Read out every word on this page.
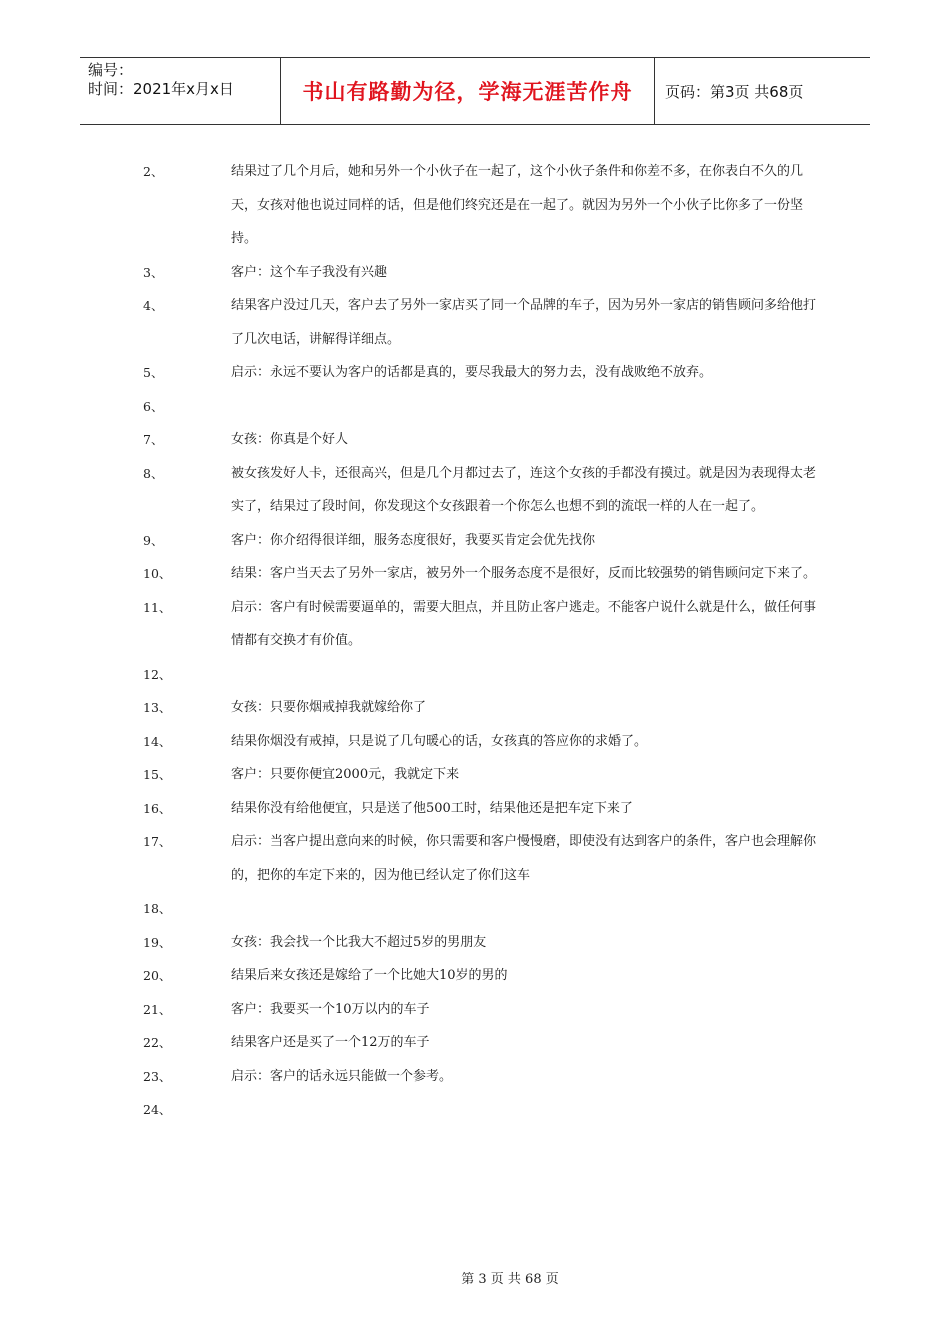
编号：
时间：2021年x月x日	书山有路勤为径，学海无涯苦作舟	页码：第3页 共68页
2、	结果过了几个月后，她和另外一个小伙子在一起了，这个小伙子条件和你差不多，在你表白不久的几天，女孩对他也说过同样的话，但是他们终究还是在一起了。就因为另外一个小伙子比你多了一份坚持。
3、	客户：这个车子我没有兴趣
4、	结果客户没过几天，客户去了另外一家店买了同一个品牌的车子，因为另外一家店的销售顾问多给他打了几次电话，讲解得详细点。
5、	启示：永远不要认为客户的话都是真的，要尽我最大的努力去，没有战败绝不放弃。
6、
7、	女孩：你真是个好人
8、	被女孩发好人卡，还很高兴，但是几个月都过去了，连这个女孩的手都没有摸过。就是因为表现得太老实了，结果过了段时间，你发现这个女孩跟着一个你怎么也想不到的流氓一样的人在一起了。
9、	客户：你介绍得很详细，服务态度很好，我要买肯定会优先找你
10、	结果：客户当天去了另外一家店，被另外一个服务态度不是很好，反而比较强势的销售顾问定下来了。
11、	启示：客户有时候需要逼单的，需要大胆点，并且防止客户逃走。不能客户说什么就是什么，做任何事情都有交换才有价值。
12、
13、	女孩：只要你烟戒掉我就嫁给你了
14、	结果你烟没有戒掉，只是说了几句暖心的话，女孩真的答应你的求婚了。
15、	客户：只要你便宜2000元，我就定下来
16、	结果你没有给他便宜，只是送了他500工时，结果他还是把车定下来了
17、	启示：当客户提出意向来的时候，你只需要和客户慢慢磨，即使没有达到客户的条件，客户也会理解你的，把你的车定下来的，因为他已经认定了你们这车
18、
19、	女孩：我会找一个比我大不超过5岁的男朋友
20、	结果后来女孩还是嫁给了一个比她大10岁的男的
21、	客户：我要买一个10万以内的车子
22、	结果客户还是买了一个12万的车子
23、	启示：客户的话永远只能做一个参考。
24、
第 3 页 共 68 页
